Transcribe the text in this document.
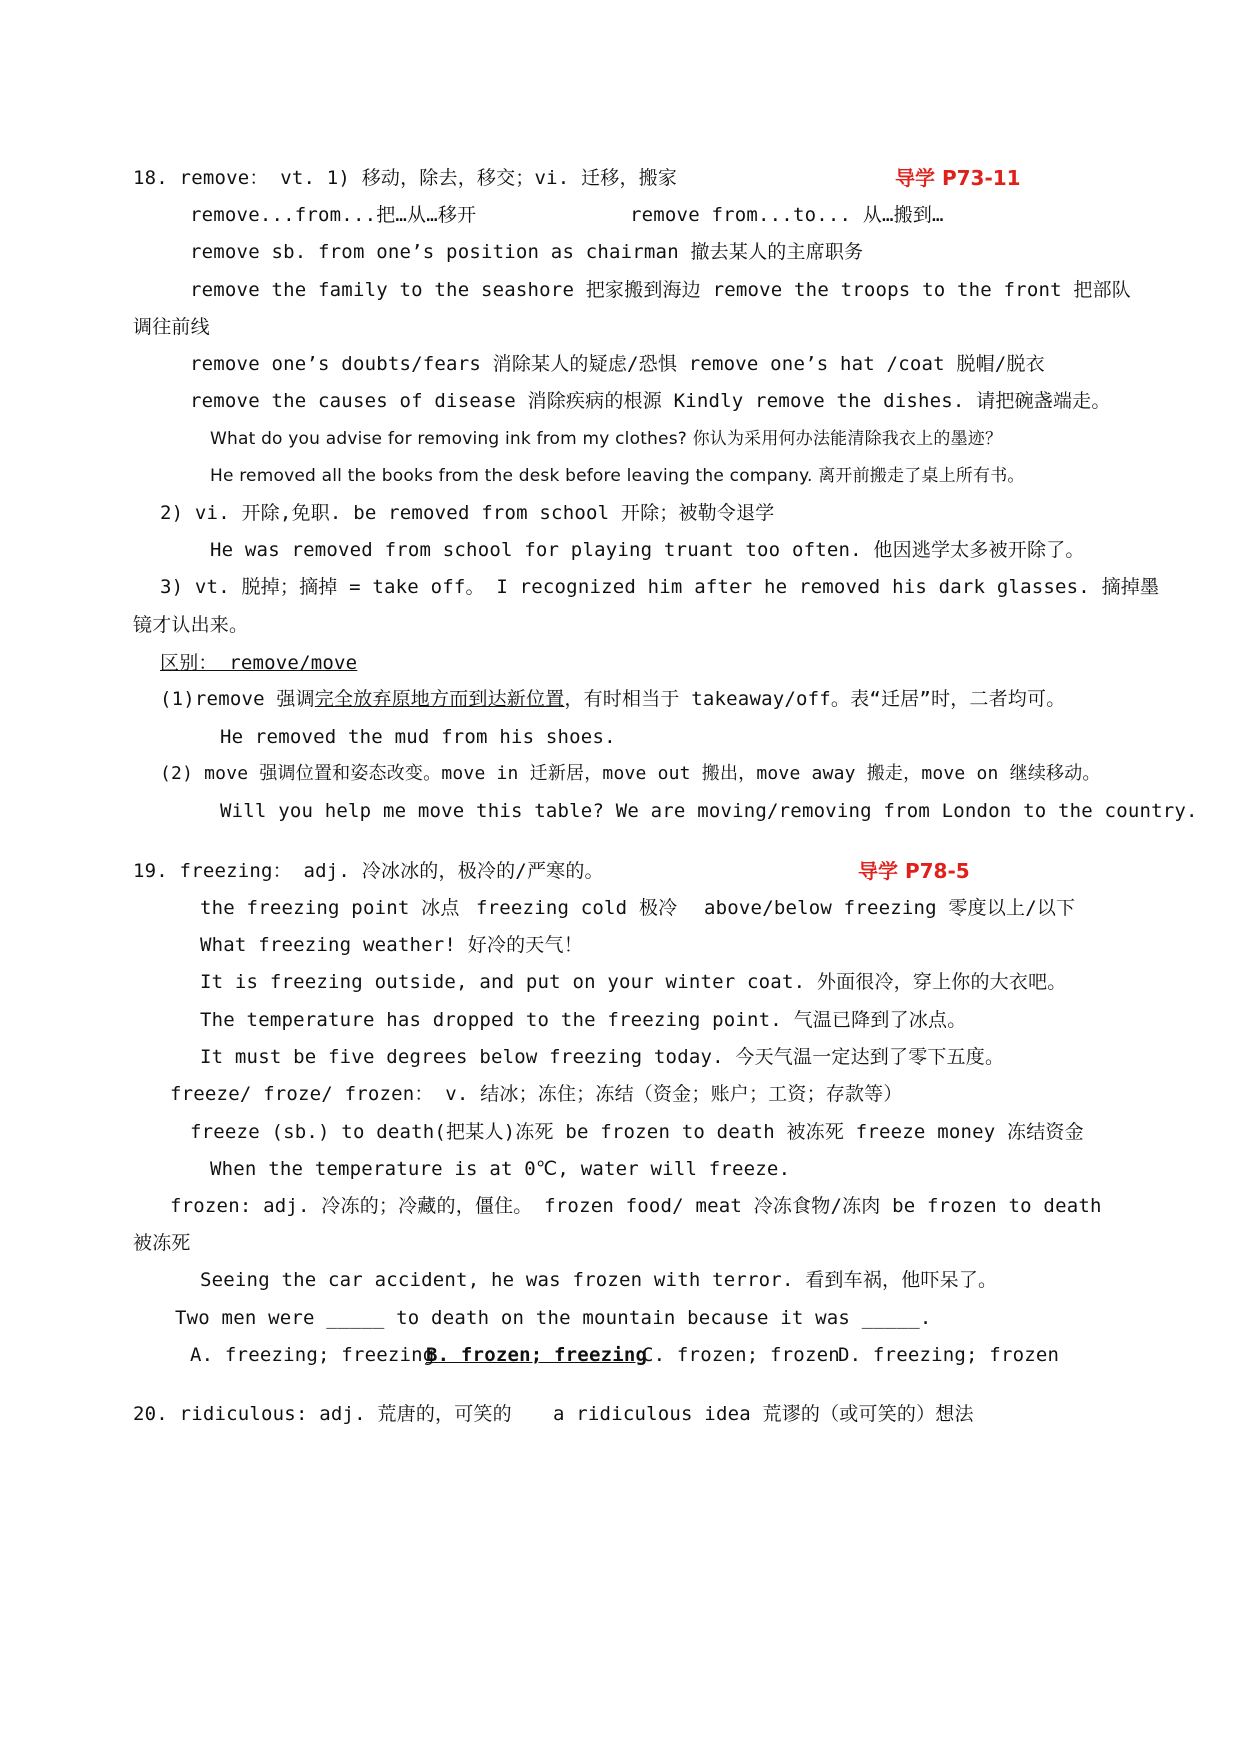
18. remove： vt. 1) 移动，除去，移交；vi. 迁移，搬家	导学 P73-11
remove...from...把…从…移开	remove from...to... 从…搬到…
remove sb. from one’s position as chairman 撤去某人的主席职务
remove the family to the seashore 把家搬到海边 remove the troops to the front 把部队
调往前线
remove one’s doubts/fears 消除某人的疑虑/恐惧 remove one’s hat /coat 脱帽/脱衣
remove the causes of disease 消除疾病的根源 Kindly remove the dishes. 请把碗盏端走。
What do you advise for removing ink from my clothes? 你认为采用何办法能清除我衣上的墨迹？
He removed all the books from the desk before leaving the company. 离开前搬走了桌上所有书。
2) vi. 开除,免职. be removed from school 开除；被勒令退学
He was removed from school for playing truant too often. 他因逃学太多被开除了。
3) vt. 脱掉；摘掉 = take off。 I recognized him after he removed his dark glasses. 摘掉墨
镜才认出来。
区别： remove/move
(1)remove 强调完全放弃原地方而到达新位置，有时相当于 takeaway/off。表“迁居”时，二者均可。
He removed the mud from his shoes.
(2) move 强调位置和姿态改变。move in 迁新居，move out 搬出，move away 搬走，move on 继续移动。
Will you help me move this table? We are moving/removing from London to the country.
19. freezing： adj. 冷冰冰的，极冷的/严寒的。	导学 P78-5
the freezing point 冰点 freezing cold 极冷 above/below freezing 零度以上/以下
What freezing weather! 好冷的天气！
It is freezing outside, and put on your winter coat. 外面很冷，穿上你的大衣吧。
The temperature has dropped to the freezing point. 气温已降到了冰点。
It must be five degrees below freezing today. 今天气温一定达到了零下五度。
freeze/ froze/ frozen： v. 结冰；冻住；冻结（资金；账户；工资；存款等）
freeze (sb.) to death(把某人)冻死 be frozen to death 被冻死 freeze money 冻结资金
When the temperature is at 0℃, water will freeze.
frozen: adj. 冷冻的；冷藏的，僵住。 frozen food/ meat 冷冻食物/冻肉 be frozen to death
被冻死
Seeing the car accident, he was frozen with terror. 看到车祸，他吓呆了。
Two men were _____ to death on the mountain because it was _____.
A. freezing; freezing
B. frozen; freezing
C. frozen; frozen
D. freezing; frozen
20. ridiculous: adj. 荒唐的，可笑的 a ridiculous idea 荒谬的（或可笑的）想法
